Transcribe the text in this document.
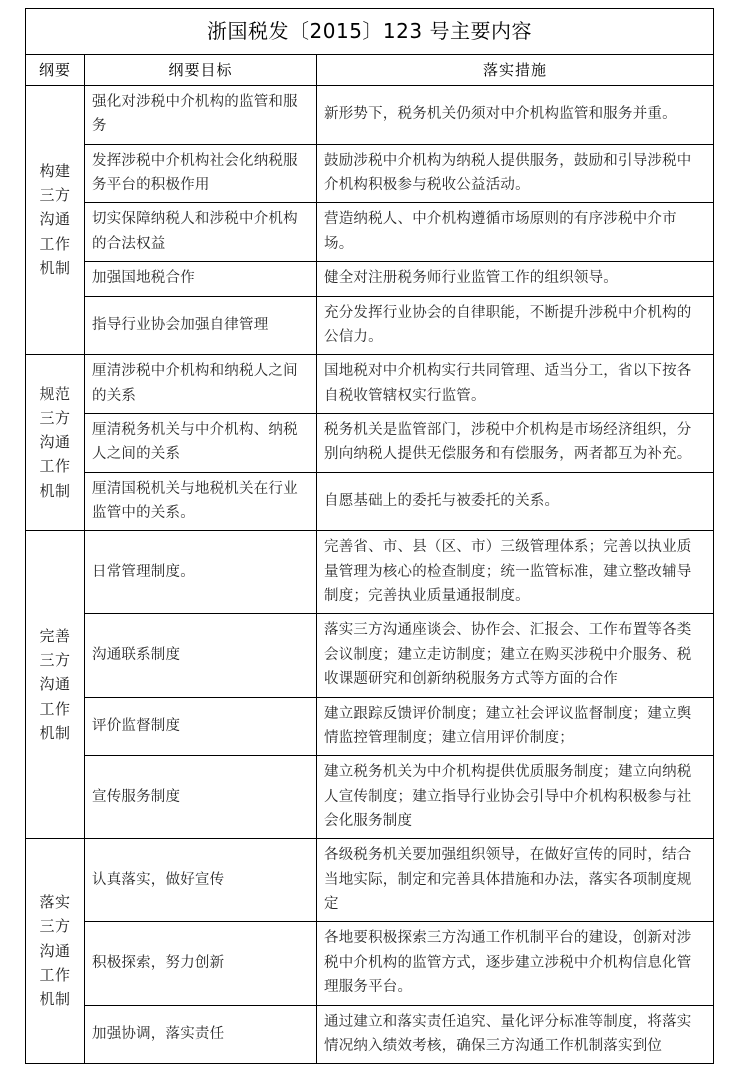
浙国税发〔2015〕123 号主要内容		
纲要	纲要目标	落实措施
构建三方沟通工作机制	强化对涉税中介机构的监管和服务	新形势下，税务机关仍须对中介机构监管和服务并重。
	发挥涉税中介机构社会化纳税服务平台的积极作用	鼓励涉税中介机构为纳税人提供服务，鼓励和引导涉税中介机构积极参与税收公益活动。
	切实保障纳税人和涉税中介机构的合法权益	营造纳税人、中介机构遵循市场原则的有序涉税中介市场。
	加强国地税合作	健全对注册税务师行业监管工作的组织领导。
	指导行业协会加强自律管理	充分发挥行业协会的自律职能，不断提升涉税中介机构的公信力。
规范三方沟通工作机制	厘清涉税中介机构和纳税人之间的关系	国地税对中介机构实行共同管理、适当分工，省以下按各自税收管辖权实行监管。
	厘清税务机关与中介机构、纳税人之间的关系	税务机关是监管部门，涉税中介机构是市场经济组织，分别向纳税人提供无偿服务和有偿服务，两者都互为补充。
	厘清国税机关与地税机关在行业监管中的关系。	自愿基础上的委托与被委托的关系。
完善三方沟通工作机制	日常管理制度。	完善省、市、县（区、市）三级管理体系；完善以执业质量管理为核心的检查制度；统一监管标准，建立整改辅导制度；完善执业质量通报制度。
	沟通联系制度	落实三方沟通座谈会、协作会、汇报会、工作布置等各类会议制度；建立走访制度；建立在购买涉税中介服务、税收课题研究和创新纳税服务方式等方面的合作
	评价监督制度	建立跟踪反馈评价制度；建立社会评议监督制度；建立舆情监控管理制度；建立信用评价制度；
	宣传服务制度	建立税务机关为中介机构提供优质服务制度；建立向纳税人宣传制度；建立指导行业协会引导中介机构积极参与社会化服务制度
落实三方沟通工作机制	认真落实，做好宣传	各级税务机关要加强组织领导，在做好宣传的同时，结合当地实际，制定和完善具体措施和办法，落实各项制度规定
	积极探索，努力创新	各地要积极探索三方沟通工作机制平台的建设，创新对涉税中介机构的监管方式，逐步建立涉税中介机构信息化管理服务平台。
	加强协调，落实责任	通过建立和落实责任追究、量化评分标准等制度，将落实情况纳入绩效考核，确保三方沟通工作机制落实到位
